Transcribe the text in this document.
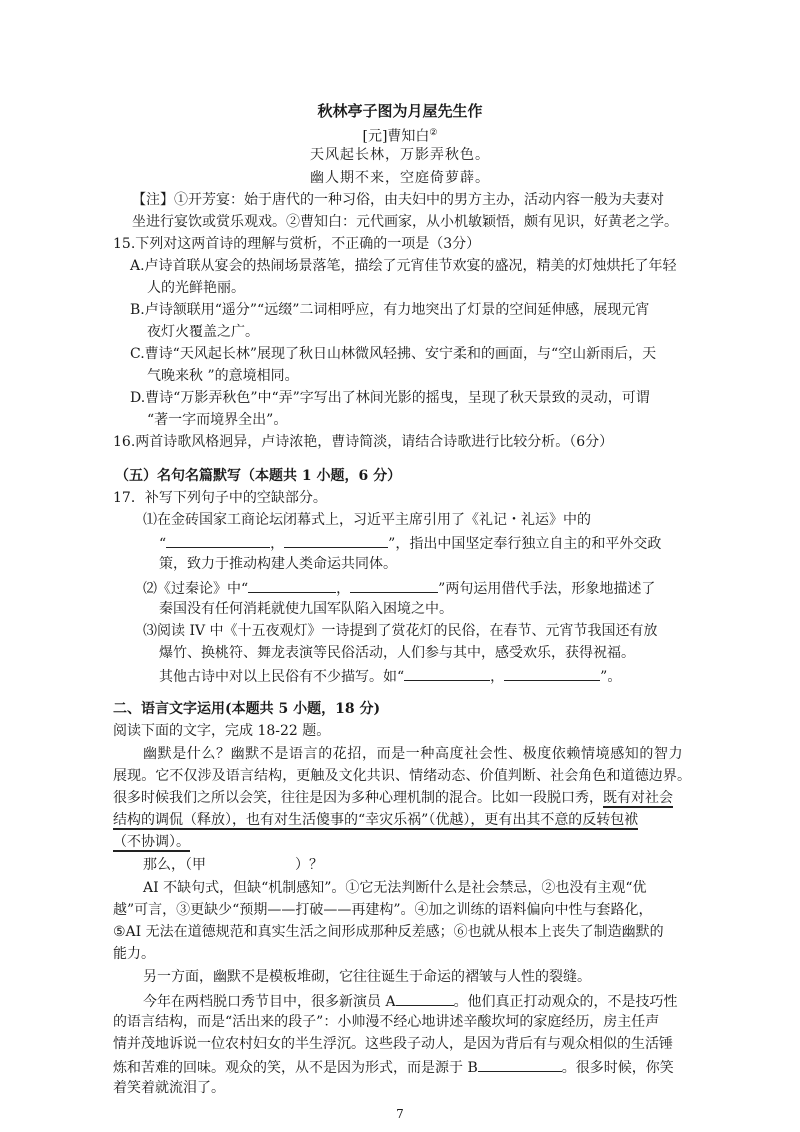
秋林亭子图为月屋先生作
[元]曹知白②
天风起长林，万影弄秋色。
幽人期不来，空庭倚萝薜。
【注】①开芳宴：始于唐代的一种习俗，由夫妇中的男方主办，活动内容一般为夫妻对
坐进行宴饮或赏乐观戏。②曹知白：元代画家，从小机敏颖悟，颇有见识，好黄老之学。
15.下列对这两首诗的理解与赏析，不正确的一项是（3分）
A.卢诗首联从宴会的热闹场景落笔，描绘了元宵佳节欢宴的盛况，精美的灯烛烘托了年轻
人的光鲜艳丽。
B.卢诗颔联用“遥分”“远缀”二词相呼应，有力地突出了灯景的空间延伸感，展现元宵
夜灯火覆盖之广。
C.曹诗“天风起长林”展现了秋日山林微风轻拂、安宁柔和的画面，与“空山新雨后，天
气晚来秋 ”的意境相同。
D.曹诗“万影弄秋色”中“弄”字写出了林间光影的摇曳，呈现了秋天景致的灵动，可谓
“著一字而境界全出”。
16.两首诗歌风格迥异，卢诗浓艳，曹诗简淡，请结合诗歌进行比较分析。（6分）
（五）名句名篇默写（本题共 1 小题，6 分）
17．补写下列句子中的空缺部分。
⑴在金砖国家工商论坛闭幕式上，习近平主席引用了《礼记・礼运》中的
“	，	”，指出中国坚定奉行独立自主的和平外交政
策，致力于推动构建人类命运共同体。
⑵《过秦论》中“	，	”两句运用借代手法，形象地描述了
秦国没有任何消耗就使九国军队陷入困境之中。
⑶阅读 IV 中《十五夜观灯》一诗提到了赏花灯的民俗，在春节、元宵节我国还有放
爆竹、换桃符、舞龙表演等民俗活动，人们参与其中，感受欢乐，获得祝福。
其他古诗中对以上民俗有不少描写。如“	，	”。
二、语言文字运用(本题共 5 小题，18 分)
阅读下面的文字，完成 18-22 题。
幽默是什么？幽默不是语言的花招，而是一种高度社会性、极度依赖情境感知的智力
展现。它不仅涉及语言结构，更触及文化共识、情绪动态、价值判断、社会角色和道德边界。
很多时候我们之所以会笑，往往是因为多种心理机制的混合。比如一段脱口秀，既有对社会
结构的调侃（释放），也有对生活傻事的“幸灾乐祸”（优越），更有出其不意的反转包袱
（不协调）。
那么，（甲                    ）？
AI 不缺句式，但缺“机制感知”。①它无法判断什么是社会禁忌，②也没有主观“优
越”可言，③更缺少“预期——打破——再建构”。④加之训练的语料偏向中性与套路化，
⑤AI 无法在道德规范和真实生活之间形成那种反差感；⑥也就从根本上丧失了制造幽默的
能力。
另一方面，幽默不是模板堆砌，它往往诞生于命运的褶皱与人性的裂缝。
今年在两档脱口秀节目中，很多新演员 A	。他们真正打动观众的，不是技巧性
的语言结构，而是“活出来的段子”：小帅漫不经心地讲述辛酸坎坷的家庭经历，房主任声
情并茂地诉说一位农村妇女的半生浮沉。这些段子动人，是因为背后有与观众相似的生活锤
炼和苦难的回味。观众的笑，从不是因为形式，而是源于 B	。很多时候，你笑
着笑着就流泪了。
7
